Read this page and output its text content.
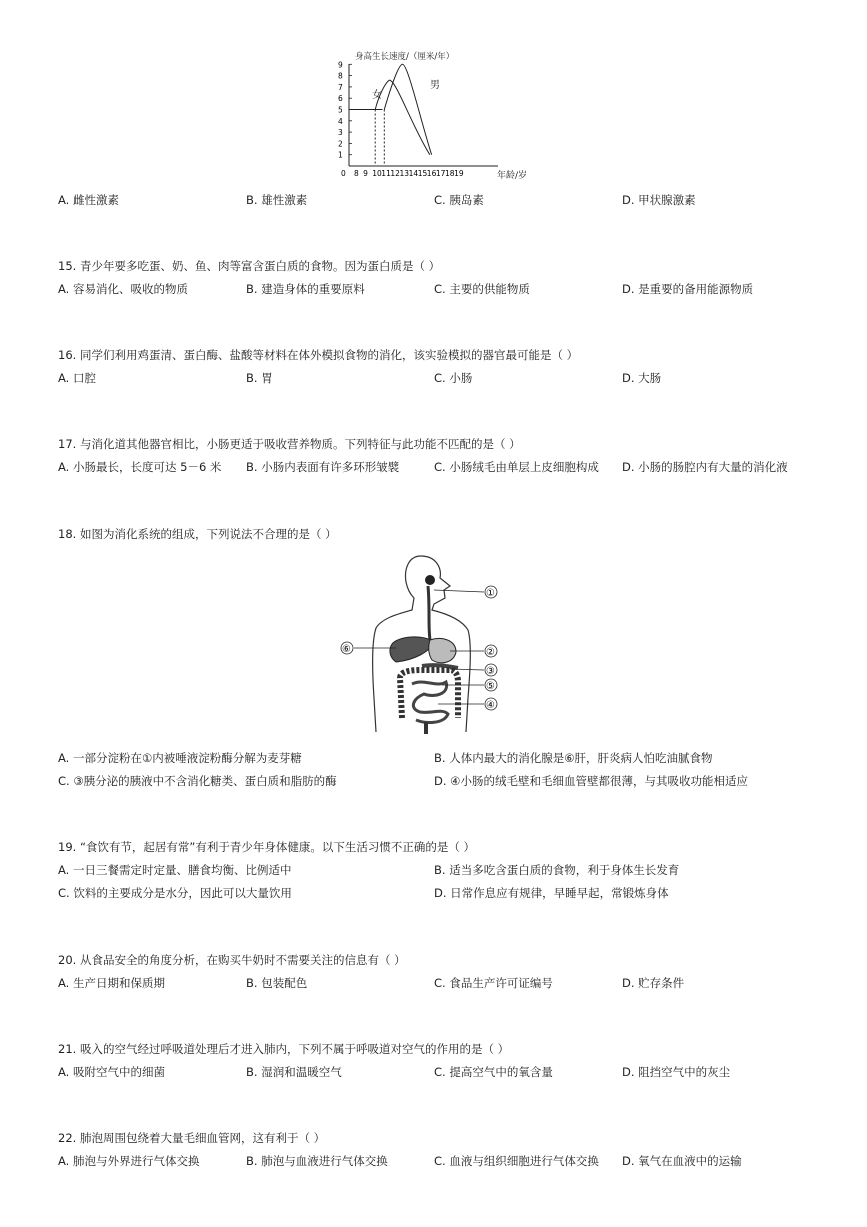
身高生长速度/（厘米/年）
9
8
7
6
5
4
3
2
1
0 8 9 10 11 12 13 14 15 16 17 18 19	年龄/岁
女
男
A. 雌性激素	B. 雄性激素	C. 胰岛素	D. 甲状腺激素
15. 青少年要多吃蛋、奶、鱼、肉等富含蛋白质的食物。因为蛋白质是（ ）
A. 容易消化、吸收的物质	B. 建造身体的重要原料	C. 主要的供能物质	D. 是重要的备用能源物质
16. 同学们利用鸡蛋清、蛋白酶、盐酸等材料在体外模拟食物的消化，该实验模拟的器官最可能是（ ）
A. 口腔	B. 胃	C. 小肠	D. 大肠
17. 与消化道其他器官相比，小肠更适于吸收营养物质。下列特征与此功能不匹配的是（ ）
A. 小肠最长，长度可达 5－6 米 B. 小肠内表面有许多环形皱襞	C. 小肠绒毛由单层上皮细胞构成 D. 小肠的肠腔内有大量的消化液
18. 如图为消化系统的组成，下列说法不合理的是（ ）
①
②
③
⑤
④
⑥
A. 一部分淀粉在①内被唾液淀粉酶分解为麦芽糖	B. 人体内最大的消化腺是⑥肝，肝炎病人怕吃油腻食物
C. ③胰分泌的胰液中不含消化糖类、蛋白质和脂肪的酶	D. ④小肠的绒毛壁和毛细血管壁都很薄，与其吸收功能相适应
19. “食饮有节，起居有常”有利于青少年身体健康。以下生活习惯不正确的是（ ）
A. 一日三餐需定时定量、膳食均衡、比例适中	B. 适当多吃含蛋白质的食物，利于身体生长发育
C. 饮料的主要成分是水分，因此可以大量饮用	D. 日常作息应有规律，早睡早起，常锻炼身体
20. 从食品安全的角度分析，在购买牛奶时不需要关注的信息有（ ）
A. 生产日期和保质期	B. 包装配色	C. 食品生产许可证编号	D. 贮存条件
21. 吸入的空气经过呼吸道处理后才进入肺内，下列不属于呼吸道对空气的作用的是（ ）
A. 吸附空气中的细菌	B. 湿润和温暖空气	C. 提高空气中的氧含量	D. 阻挡空气中的灰尘
22. 肺泡周围包绕着大量毛细血管网，这有利于（ ）
A. 肺泡与外界进行气体交换	B. 肺泡与血液进行气体交换	C. 血液与组织细胞进行气体交换 D. 氧气在血液中的运输
